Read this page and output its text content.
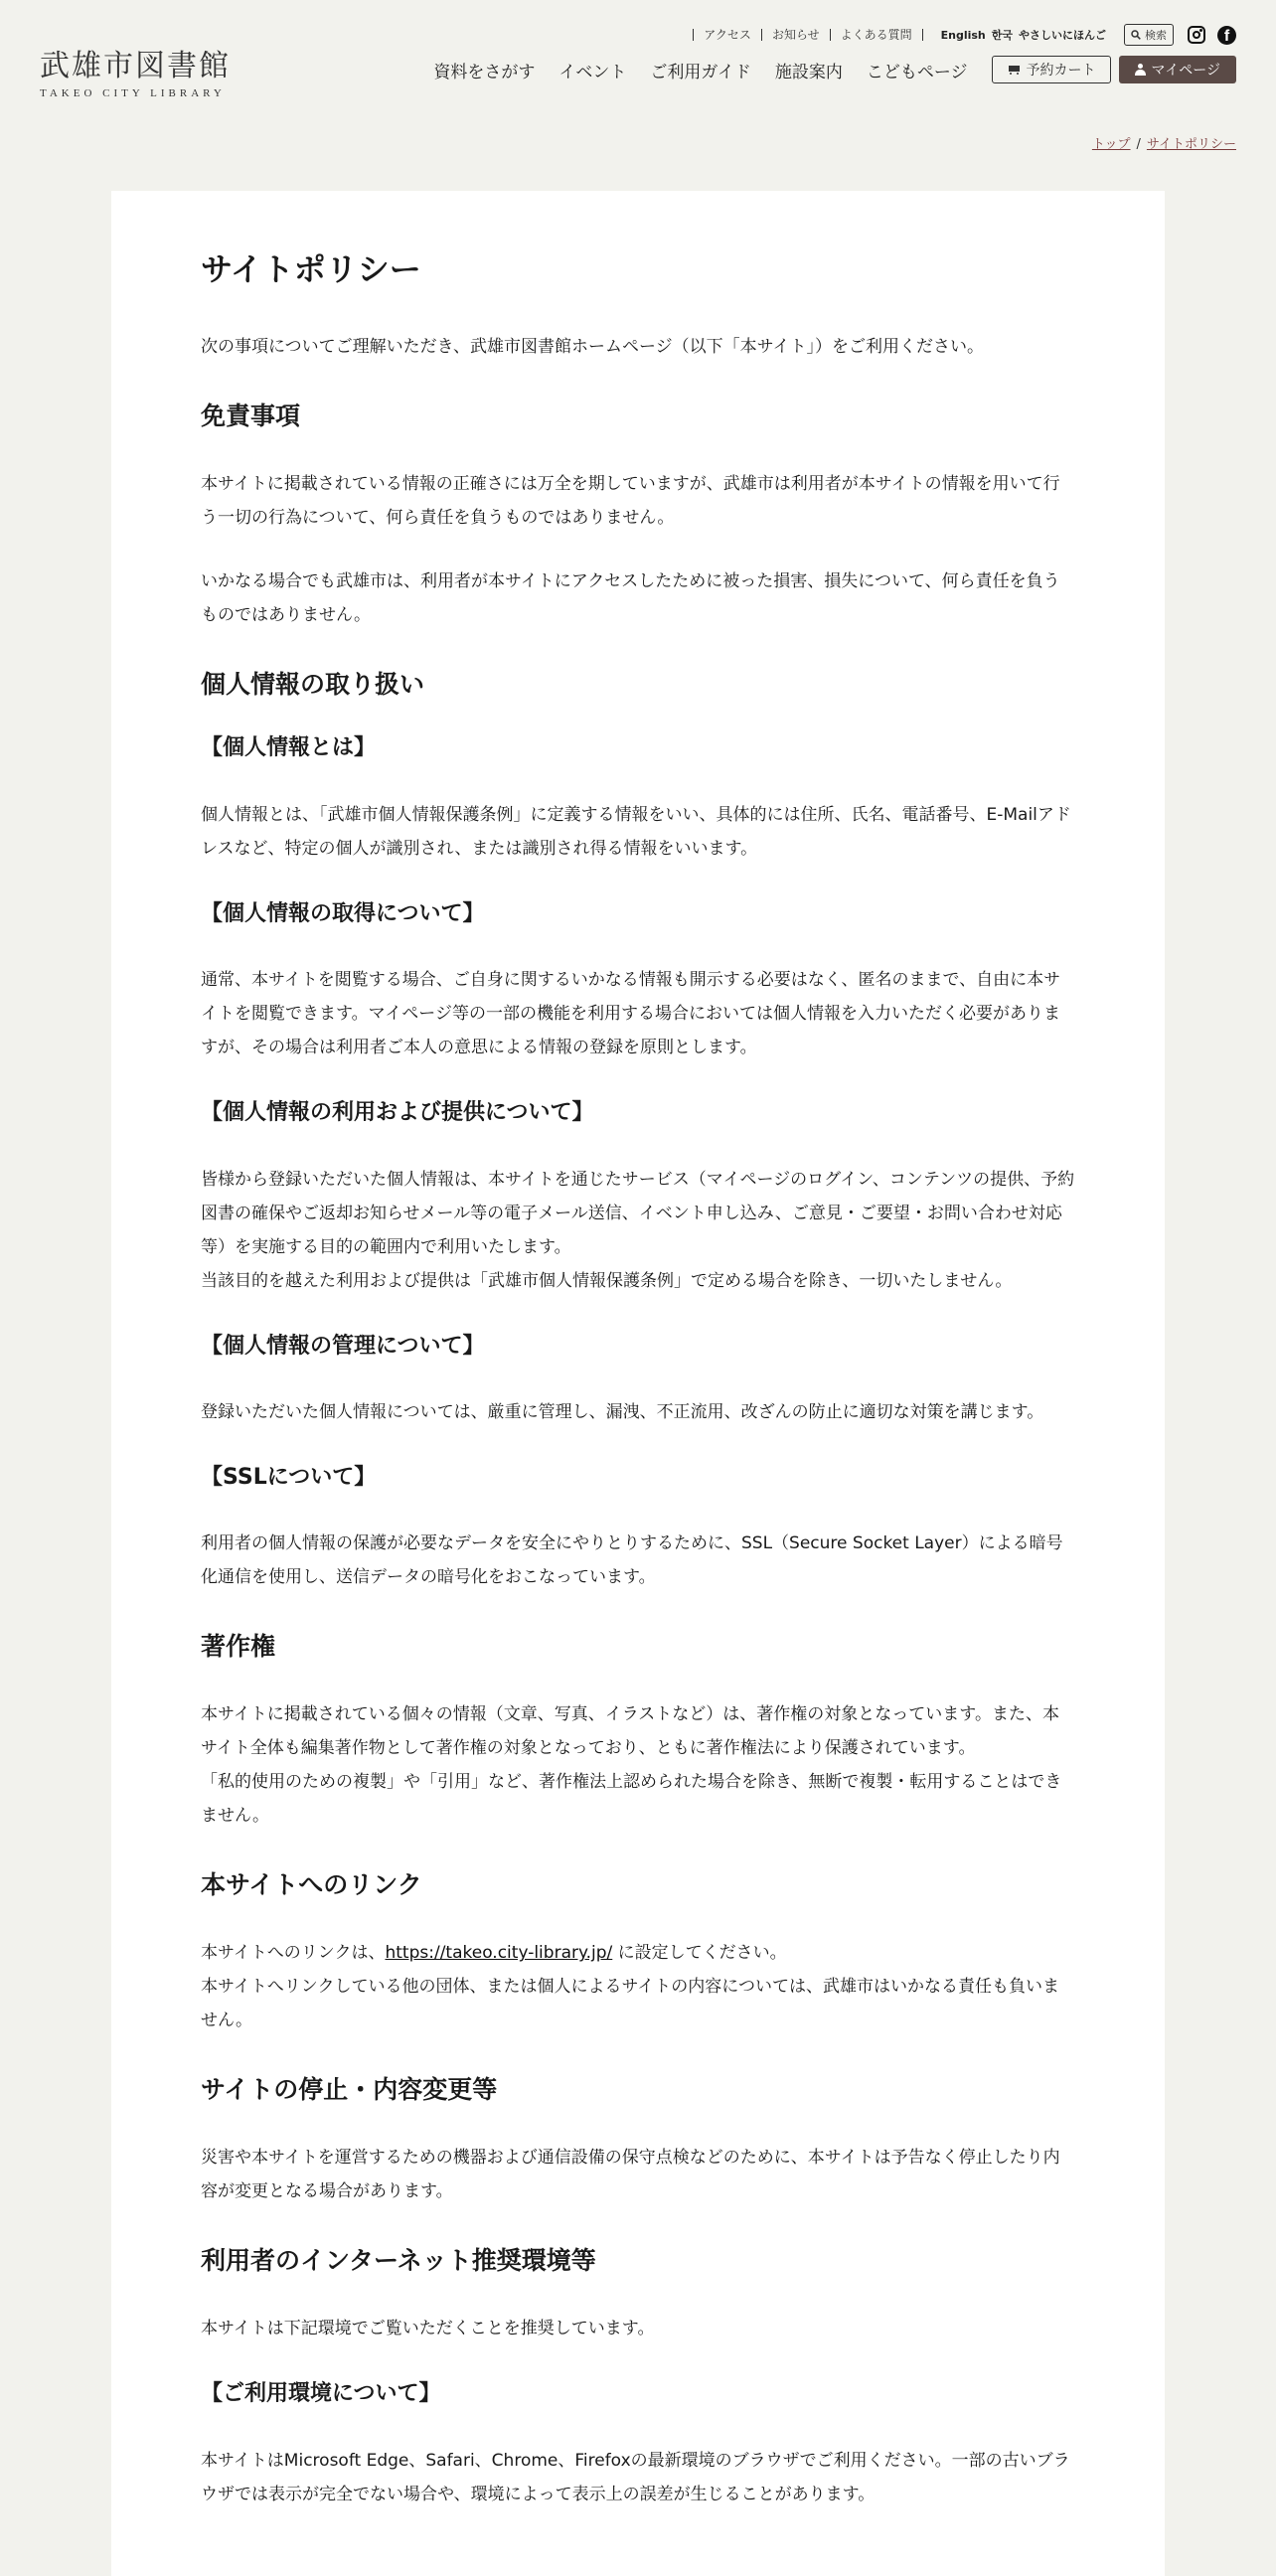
武雄市図書館
TAKEO CITY LIBRARY
アクセス	お知らせ	よくある質問	English 한국 やさしいにほんご	検索	f
資料をさがす イベント ご利用ガイド 施設案内 こどもページ	予約カート	マイページ
トップ / サイトポリシー
サイトポリシー

次の事項についてご理解いただき、武雄市図書館ホームページ（以下「本サイト」）をご利用ください。

免責事項

本サイトに掲載されている情報の正確さには万全を期していますが、武雄市は利用者が本サイトの情報を用いて行う一切の行為について、何ら責任を負うものではありません。

いかなる場合でも武雄市は、利用者が本サイトにアクセスしたために被った損害、損失について、何ら責任を負うものではありません。

個人情報の取り扱い
【個人情報とは】

個人情報とは、「武雄市個人情報保護条例」に定義する情報をいい、具体的には住所、氏名、電話番号、E-Mailアドレスなど、特定の個人が識別され、または識別され得る情報をいいます。

【個人情報の取得について】

通常、本サイトを閲覧する場合、ご自身に関するいかなる情報も開示する必要はなく、匿名のままで、自由に本サイトを閲覧できます。マイページ等の一部の機能を利用する場合においては個人情報を入力いただく必要がありますが、その場合は利用者ご本人の意思による情報の登録を原則とします。

【個人情報の利用および提供について】

皆様から登録いただいた個人情報は、本サイトを通じたサービス（マイページのログイン、コンテンツの提供、予約図書の確保やご返却お知らせメール等の電子メール送信、イベント申し込み、ご意見・ご要望・お問い合わせ対応等）を実施する目的の範囲内で利用いたします。
当該目的を越えた利用および提供は「武雄市個人情報保護条例」で定める場合を除き、一切いたしません。

【個人情報の管理について】

登録いただいた個人情報については、厳重に管理し、漏洩、不正流用、改ざんの防止に適切な対策を講じます。

【SSLについて】

利用者の個人情報の保護が必要なデータを安全にやりとりするために、SSL（Secure Socket Layer）による暗号化通信を使用し、送信データの暗号化をおこなっています。

著作権

本サイトに掲載されている個々の情報（文章、写真、イラストなど）は、著作権の対象となっています。また、本サイト全体も編集著作物として著作権の対象となっており、ともに著作権法により保護されています。
「私的使用のための複製」や「引用」など、著作権法上認められた場合を除き、無断で複製・転用することはできません。

本サイトへのリンク

本サイトへのリンクは、https://takeo.city-library.jp/ に設定してください。
本サイトへリンクしている他の団体、または個人によるサイトの内容については、武雄市はいかなる責任も負いません。

サイトの停止・内容変更等

災害や本サイトを運営するための機器および通信設備の保守点検などのために、本サイトは予告なく停止したり内容が変更となる場合があります。

利用者のインターネット推奨環境等

本サイトは下記環境でご覧いただくことを推奨しています。

【ご利用環境について】

本サイトはMicrosoft Edge、Safari、Chrome、Firefoxの最新環境のブラウザでご利用ください。一部の古いブラウザでは表示が完全でない場合や、環境によって表示上の誤差が生じることがあります。
